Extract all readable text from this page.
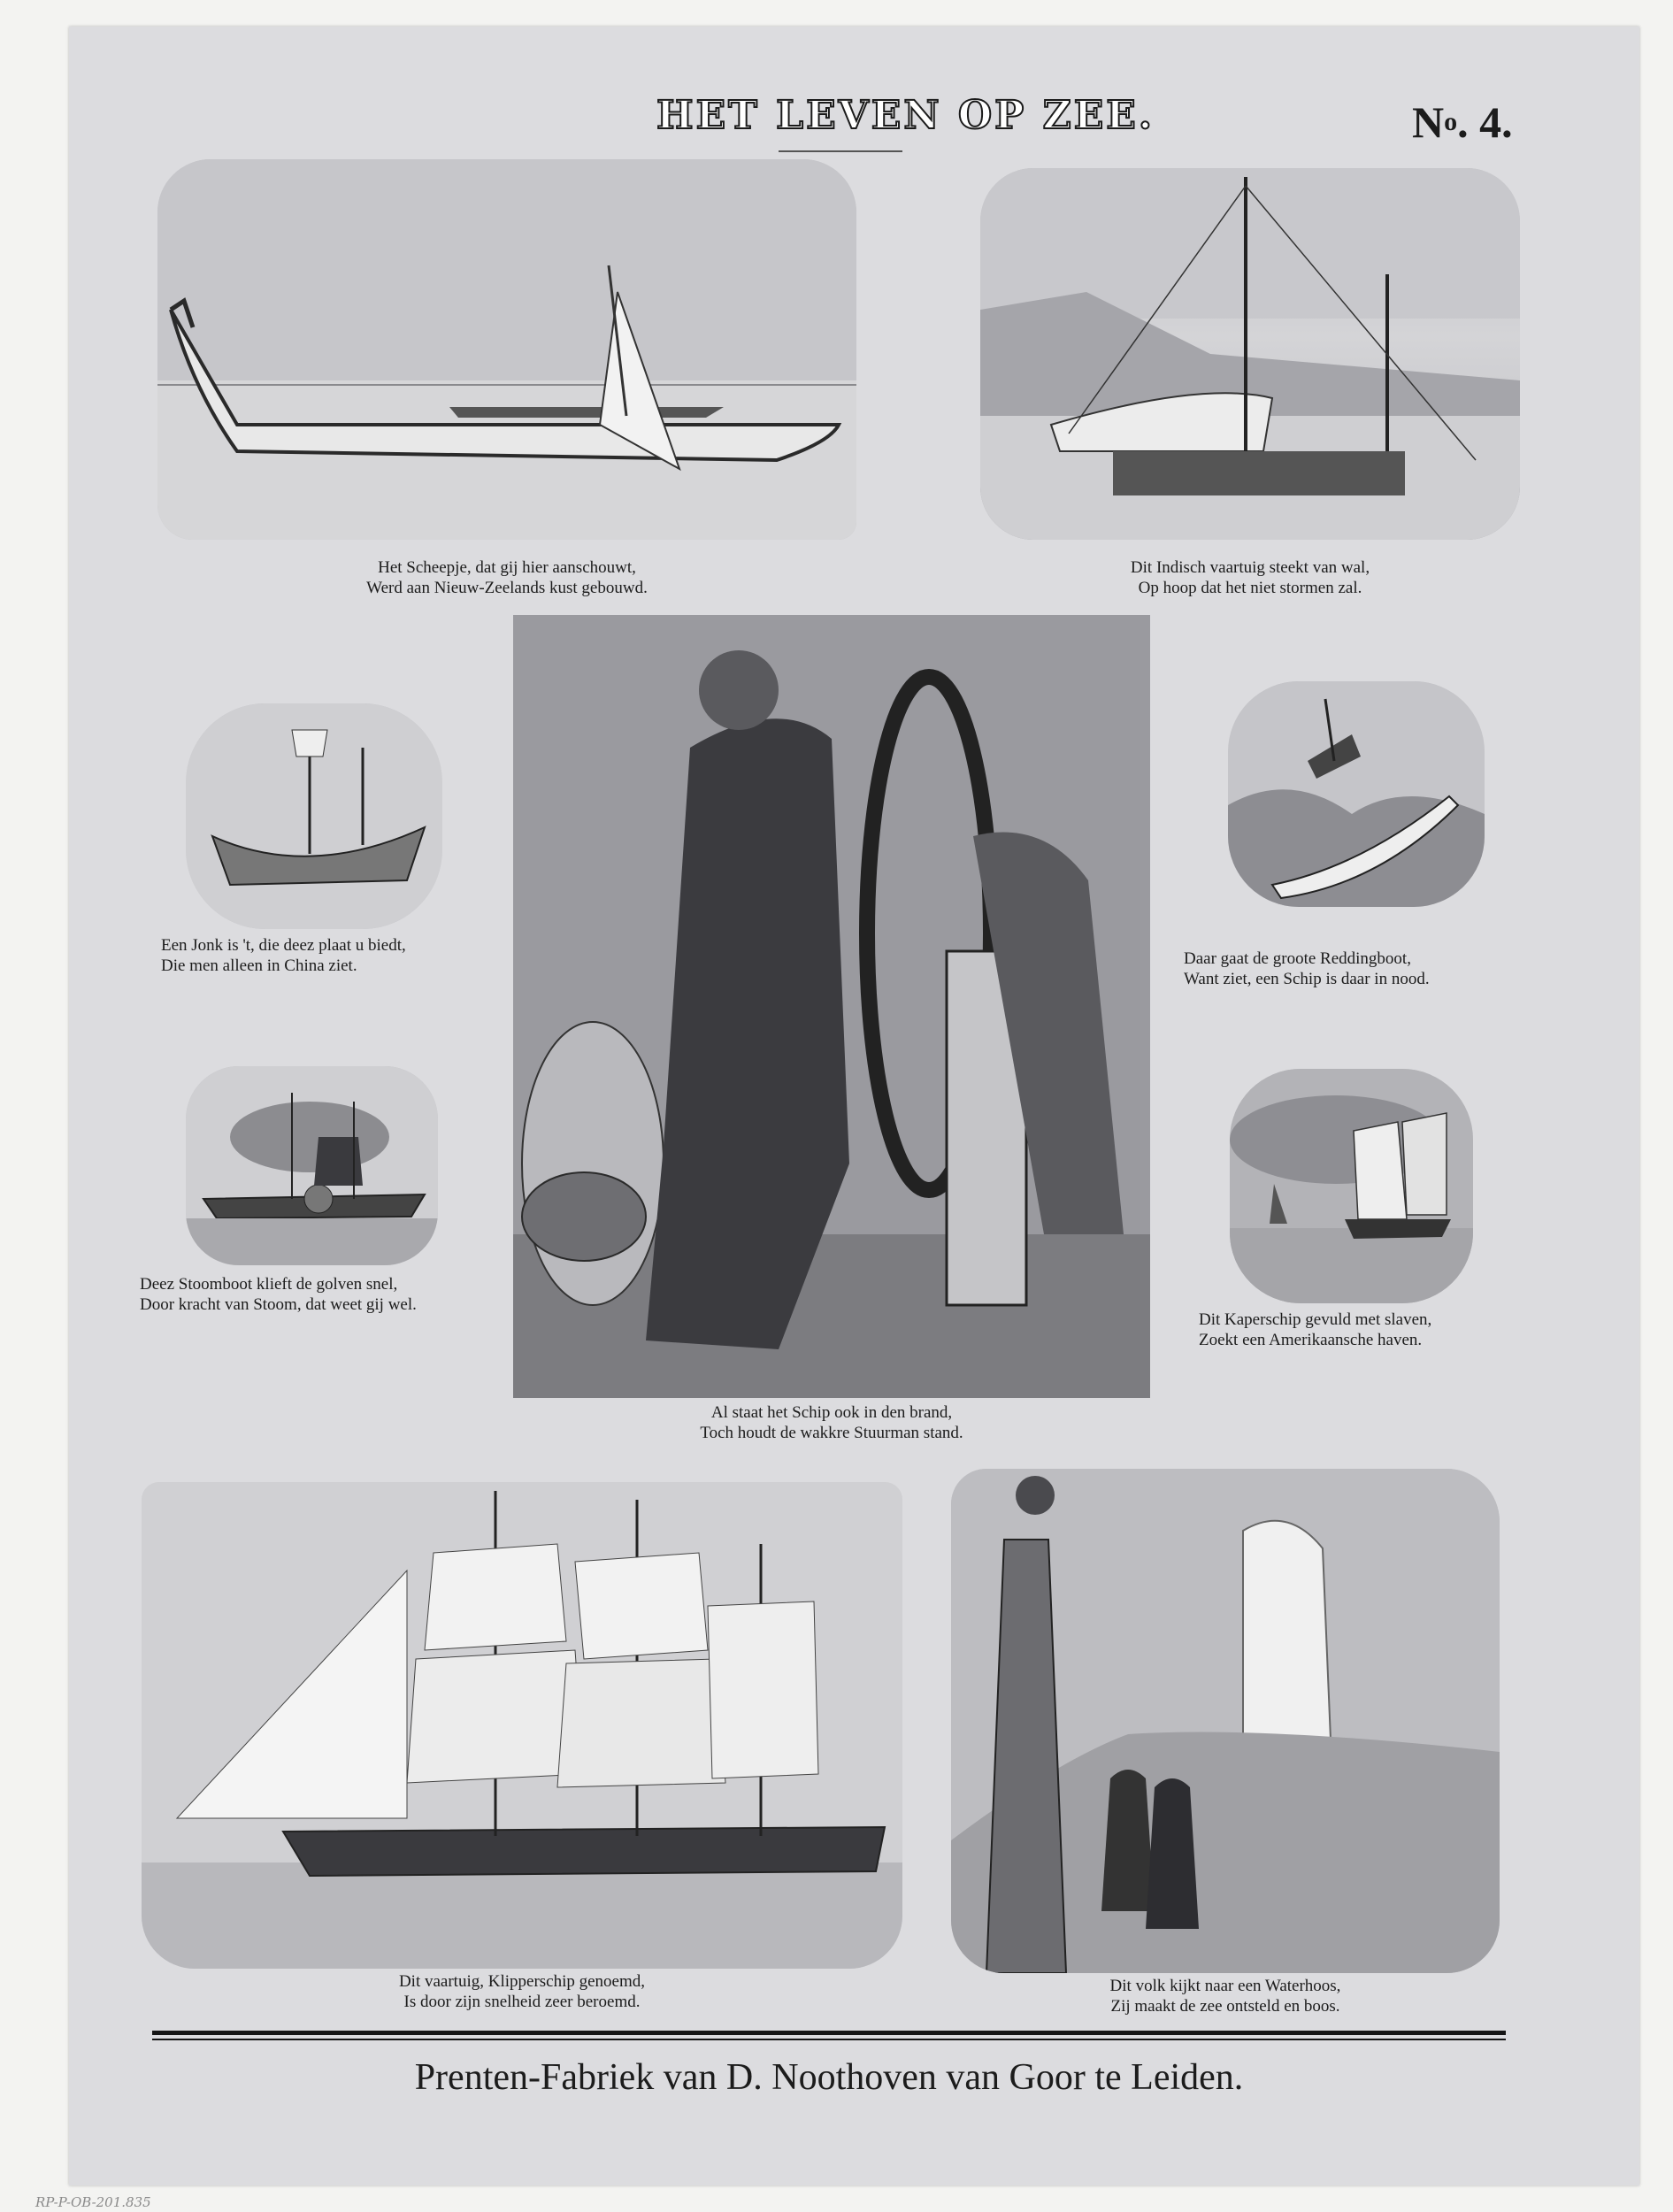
HET LEVEN OP ZEE.	$N^o$. 4.
Het Scheepje, dat gij hier aanschouwt,
Werd aan Nieuw-Zeelands kust gebouwd.
Dit Indisch vaartuig steekt van wal,
Op hoop dat het niet stormen zal.
Een Jonk is 't, die deez plaat u biedt,
Die men alleen in China ziet.
Al staat het Schip ook in den brand,
Toch houdt de wakkre Stuurman stand.
Daar gaat de groote Reddingboot,
Want ziet, een Schip is daar in nood.
Deez Stoomboot klieft de golven snel,
Door kracht van Stoom, dat weet gij wel.
Dit Kaperschip gevuld met slaven,
Zoekt een Amerikaansche haven.
Dit vaartuig, Klipperschip genoemd,
Is door zijn snelheid zeer beroemd.
Dit volk kijkt naar een Waterhoos,
Zij maakt de zee ontsteld en boos.
Prenten-Fabriek van D. Noothoven van Goor te Leiden.
RP-P-OB-201.835
